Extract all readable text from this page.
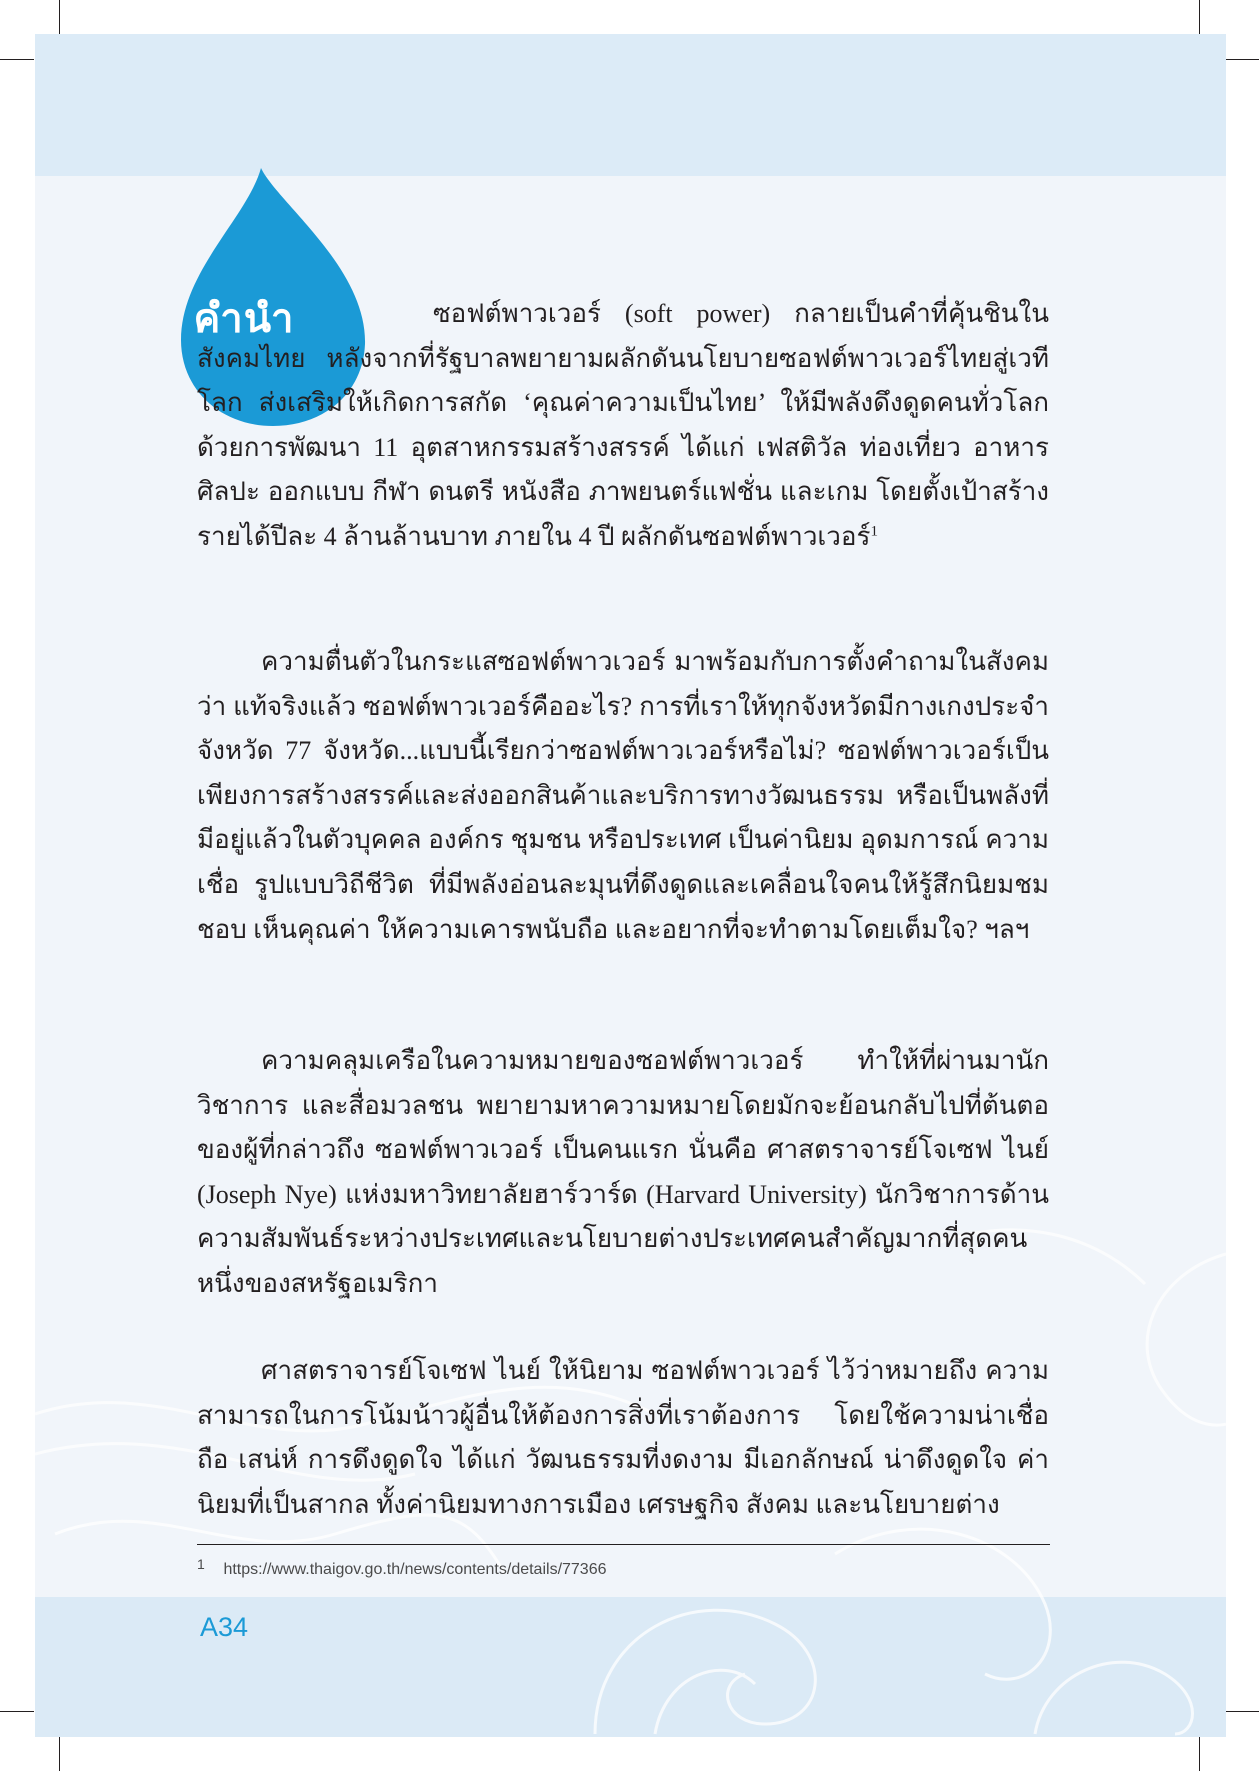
คำนำ	ซอฟต์พาวเวอร์ (soft power) กลายเป็นคำที่คุ้นชินในสังคมไทย หลังจากที่รัฐบาลพยายามผลักดันนโยบายซอฟต์พาวเวอร์ไทยสู่เวทีโลก ส่งเสริมให้เกิดการสกัด ‘คุณค่าความเป็นไทย’ ให้มีพลังดึงดูดคนทั่วโลก ด้วยการพัฒนา 11 อุตสาหกรรมสร้างสรรค์ ได้แก่ เฟสติวัล ท่องเที่ยว อาหาร ศิลปะ ออกแบบ กีฬา ดนตรี หนังสือ ภาพยนตร์แฟชั่น และเกม โดยตั้งเป้าสร้างรายได้ปีละ 4 ล้านล้านบาท ภายใน 4 ปี ผลักดันซอฟต์พาวเวอร์$^1$
ความตื่นตัวในกระแสซอฟต์พาวเวอร์ มาพร้อมกับการตั้งคำถามในสังคมว่า แท้จริงแล้ว ซอฟต์พาวเวอร์คืออะไร? การที่เราให้ทุกจังหวัดมีกางเกงประจำจังหวัด 77 จังหวัด...แบบนี้เรียกว่าซอฟต์พาวเวอร์หรือไม่? ซอฟต์พาวเวอร์เป็นเพียงการสร้างสรรค์และส่งออกสินค้าและบริการทางวัฒนธรรม หรือเป็นพลังที่มีอยู่แล้วในตัวบุคคล องค์กร ชุมชน หรือประเทศ เป็นค่านิยม อุดมการณ์ ความเชื่อ รูปแบบวิถีชีวิต ที่มีพลังอ่อนละมุนที่ดึงดูดและเคลื่อนใจคนให้รู้สึกนิยมชมชอบ เห็นคุณค่า ให้ความเคารพนับถือ และอยากที่จะทำตามโดยเต็มใจ? ฯลฯ
ความคลุมเครือในความหมายของซอฟต์พาวเวอร์ ทำให้ที่ผ่านมานักวิชาการ และสื่อมวลชน พยายามหาความหมายโดยมักจะย้อนกลับไปที่ต้นตอของผู้ที่กล่าวถึง ซอฟต์พาวเวอร์ เป็นคนแรก นั่นคือ ศาสตราจารย์โจเซฟ ไนย์ (Joseph Nye) แห่งมหาวิทยาลัยฮาร์วาร์ด (Harvard University) นักวิชาการด้านความสัมพันธ์ระหว่างประเทศและนโยบายต่างประเทศคนสำคัญมากที่สุดคนหนึ่งของสหรัฐอเมริกา
ศาสตราจารย์โจเซฟ ไนย์ ให้นิยาม ซอฟต์พาวเวอร์ ไว้ว่าหมายถึง ความสามารถในการโน้มน้าวผู้อื่นให้ต้องการสิ่งที่เราต้องการ โดยใช้ความน่าเชื่อถือ เสน่ห์ การดึงดูดใจ ได้แก่ วัฒนธรรมที่งดงาม มีเอกลักษณ์ น่าดึงดูดใจ ค่านิยมที่เป็นสากล ทั้งค่านิยมทางการเมือง เศรษฐกิจ สังคม และนโยบายต่าง
1 https://www.thaigov.go.th/news/contents/details/77366
A34
